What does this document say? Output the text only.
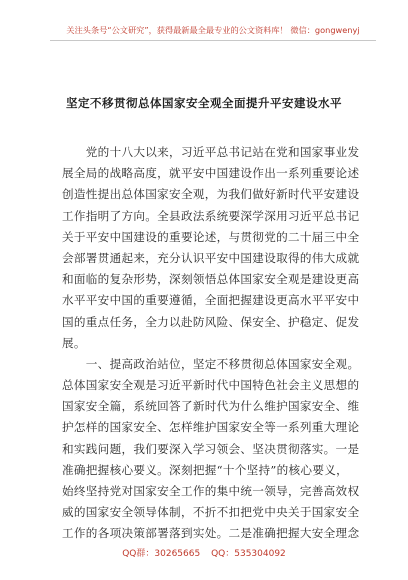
关注头条号“公文研究”，获得最新最全最专业的公文资料库！ 微信：gongwenyj
坚定不移贯彻总体国家安全观全面提升平安建设水平
　　党的十八大以来，习近平总书记站在党和国家事业发
展全局的战略高度，就平安中国建设作出一系列重要论述
创造性提出总体国家安全观，为我们做好新时代平安建设
工作指明了方向。全县政法系统要深学深用习近平总书记
关于平安中国建设的重要论述，与贯彻党的二十届三中全
会部署贯通起来，充分认识平安中国建设取得的伟大成就
和面临的复杂形势，深刻领悟总体国家安全观是建设更高
水平平安中国的重要遵循，全面把握建设更高水平平安中
国的重点任务，全力以赴防风险、保安全、护稳定、促发
展。
　　一、提高政治站位，坚定不移贯彻总体国家安全观。
总体国家安全观是习近平新时代中国特色社会主义思想的
国家安全篇，系统回答了新时代为什么维护国家安全、维
护怎样的国家安全、怎样维护国家安全等一系列重大理论
和实践问题，我们要深入学习领会、坚决贯彻落实。一是
准确把握核心要义。深刻把握“十个坚持”的核心要义，
始终坚持党对国家安全工作的集中统一领导，完善高效权
威的国家安全领导体制，不折不扣把党中央关于国家安全
工作的各项决策部署落到实处。二是准确把握大安全理念
QQ群：30265665 QQ：535304092
